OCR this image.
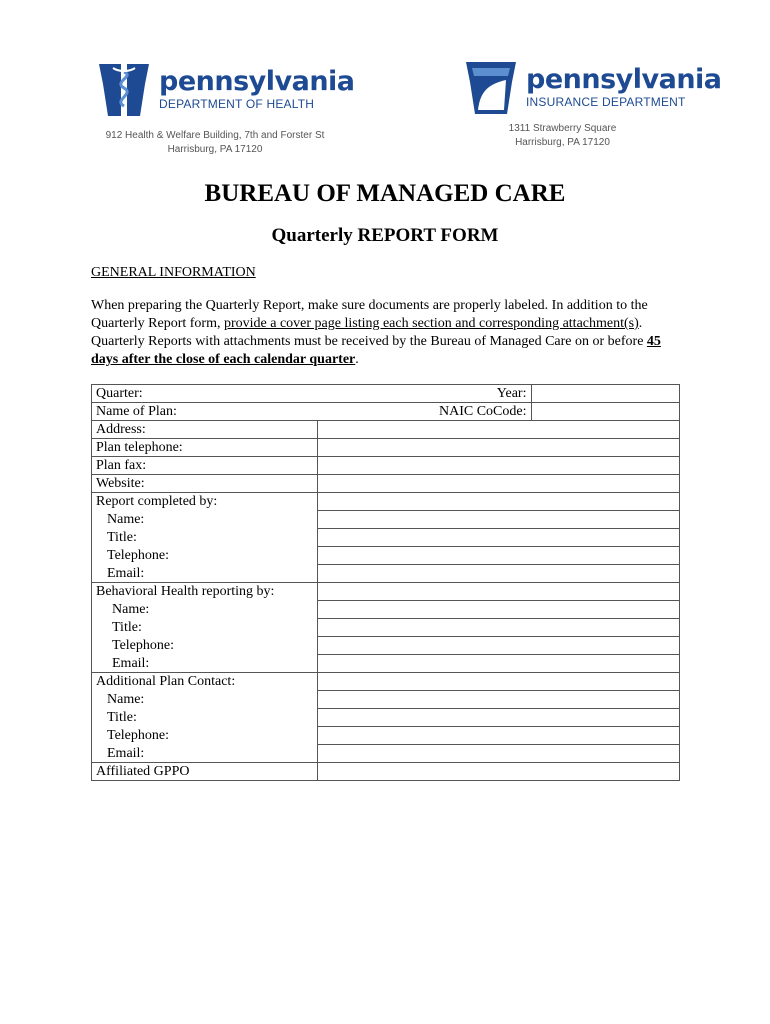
pennsylvania
DEPARTMENT OF HEALTH
pennsylvania
INSURANCE DEPARTMENT
912 Health & Welfare Building, 7th and Forster St
Harrisburg, PA 17120
1311 Strawberry Square
Harrisburg, PA 17120
BUREAU OF MANAGED CARE
Quarterly REPORT FORM
GENERAL INFORMATION
When preparing the Quarterly Report, make sure documents are properly labeled. In addition to the Quarterly Report form, provide a cover page listing each section and corresponding attachment(s). Quarterly Reports with attachments must be received by the Bureau of Managed Care on or before 45 days after the close of each calendar quarter.
Quarter:	Year:	
Name of Plan:	NAIC CoCode:	
Address:		
Plan telephone:		
Plan fax:		
Website:		
Report completed by:		
Name:		
Title:		
Telephone:		
Email:		
Behavioral Health reporting by:		
Name:		
Title:		
Telephone:		
Email:		
Additional Plan Contact:		
Name:		
Title:		
Telephone:		
Email:		
Affiliated GPPO		
